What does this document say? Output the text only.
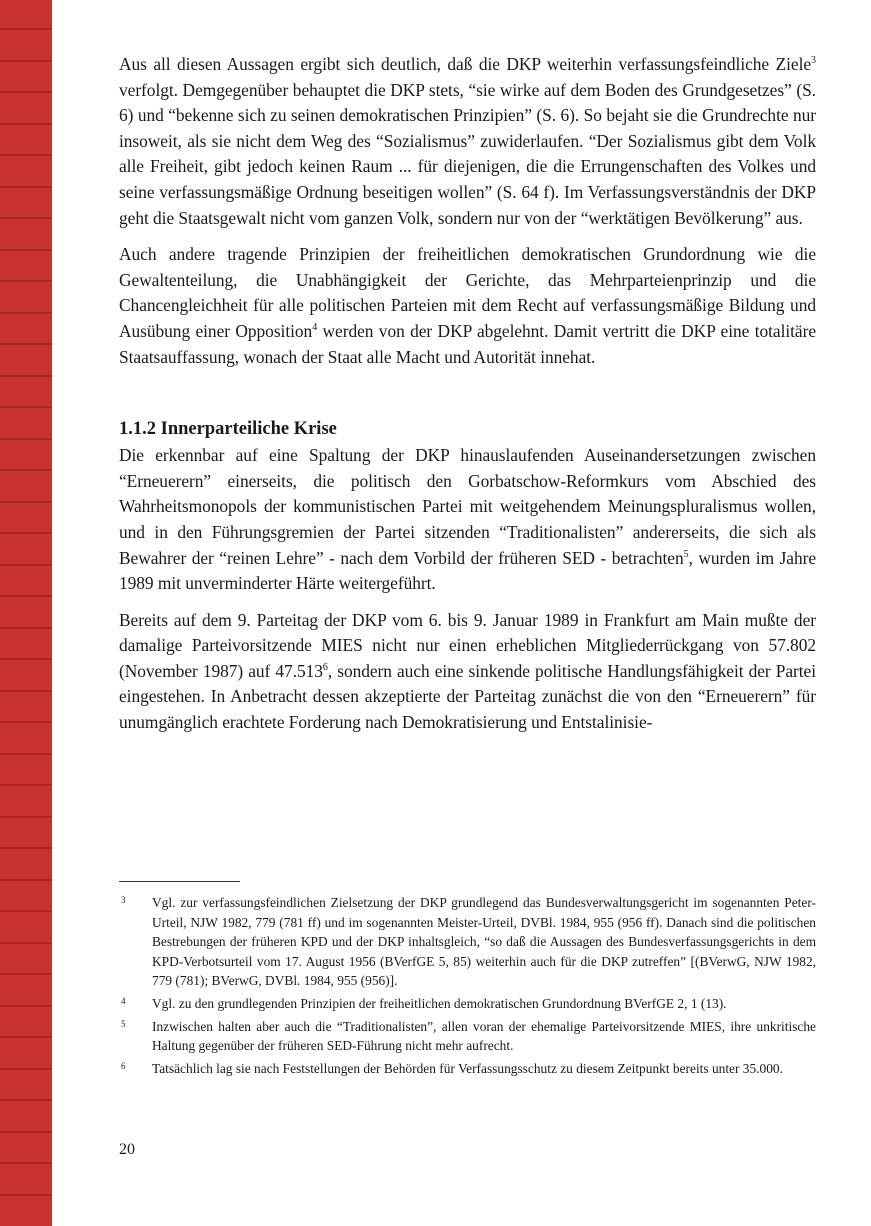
Aus all diesen Aussagen ergibt sich deutlich, daß die DKP weiterhin verfassungsfeindliche Ziele$^3$ verfolgt. Demgegenüber behauptet die DKP stets, “sie wirke auf dem Boden des Grundgesetzes” (S. 6) und “bekenne sich zu seinen demokratischen Prinzipien” (S. 6). So bejaht sie die Grundrechte nur insoweit, als sie nicht dem Weg des “Sozialismus” zuwiderlaufen. “Der Sozialismus gibt dem Volk alle Freiheit, gibt jedoch keinen Raum ... für diejenigen, die die Errungenschaften des Volkes und seine verfassungsmäßige Ordnung beseitigen wollen” (S. 64 f). Im Verfassungsverständnis der DKP geht die Staatsgewalt nicht vom ganzen Volk, sondern nur von der “werktätigen Bevölkerung” aus.

Auch andere tragende Prinzipien der freiheitlichen demokratischen Grundordnung wie die Gewaltenteilung, die Unabhängigkeit der Gerichte, das Mehrparteienprinzip und die Chancengleichheit für alle politischen Parteien mit dem Recht auf verfassungsmäßige Bildung und Ausübung einer Opposition$^4$ werden von der DKP abgelehnt. Damit vertritt die DKP eine totalitäre Staatsauffassung, wonach der Staat alle Macht und Autorität innehat.

1.1.2 Innerparteiliche Krise

Die erkennbar auf eine Spaltung der DKP hinauslaufenden Auseinandersetzungen zwischen “Erneuerern” einerseits, die politisch den Gorbatschow-Reformkurs vom Abschied des Wahrheitsmonopols der kommunistischen Partei mit weitgehendem Meinungspluralismus wollen, und in den Führungsgremien der Partei sitzenden “Traditionalisten” andererseits, die sich als Bewahrer der “reinen Lehre” - nach dem Vorbild der früheren SED - betrachten$^5$, wurden im Jahre 1989 mit unverminderter Härte weitergeführt.

Bereits auf dem 9. Parteitag der DKP vom 6. bis 9. Januar 1989 in Frankfurt am Main mußte der damalige Parteivorsitzende MIES nicht nur einen erheblichen Mitgliederrückgang von 57.802 (November 1987) auf 47.513$^6$, sondern auch eine sinkende politische Handlungsfähigkeit der Partei eingestehen. In Anbetracht dessen akzeptierte der Parteitag zunächst die von den “Erneuerern” für unumgänglich erachtete Forderung nach Demokratisierung und Entstalinisie-

3	Vgl. zur verfassungsfeindlichen Zielsetzung der DKP grundlegend das Bundesverwaltungsgericht im sogenannten Peter-Urteil, NJW 1982, 779 (781 ff) und im sogenannten Meister-Urteil, DVBl. 1984, 955 (956 ff). Danach sind die politischen Bestrebungen der früheren KPD und der DKP inhaltsgleich, “so daß die Aussagen des Bundesverfassungsgerichts in dem KPD-Verbotsurteil vom 17. August 1956 (BVerfGE 5, 85) weiterhin auch für die DKP zutreffen” [(BVerwG, NJW 1982, 779 (781); BVerwG, DVBl. 1984, 955 (956)].
4	Vgl. zu den grundlegenden Prinzipien der freiheitlichen demokratischen Grundordnung BVerfGE 2, 1 (13).
5	Inzwischen halten aber auch die “Traditionalisten”, allen voran der ehemalige Parteivorsitzende MIES, ihre unkritische Haltung gegenüber der früheren SED-Führung nicht mehr aufrecht.
6	Tatsächlich lag sie nach Feststellungen der Behörden für Verfassungsschutz zu diesem Zeitpunkt bereits unter 35.000.
20
